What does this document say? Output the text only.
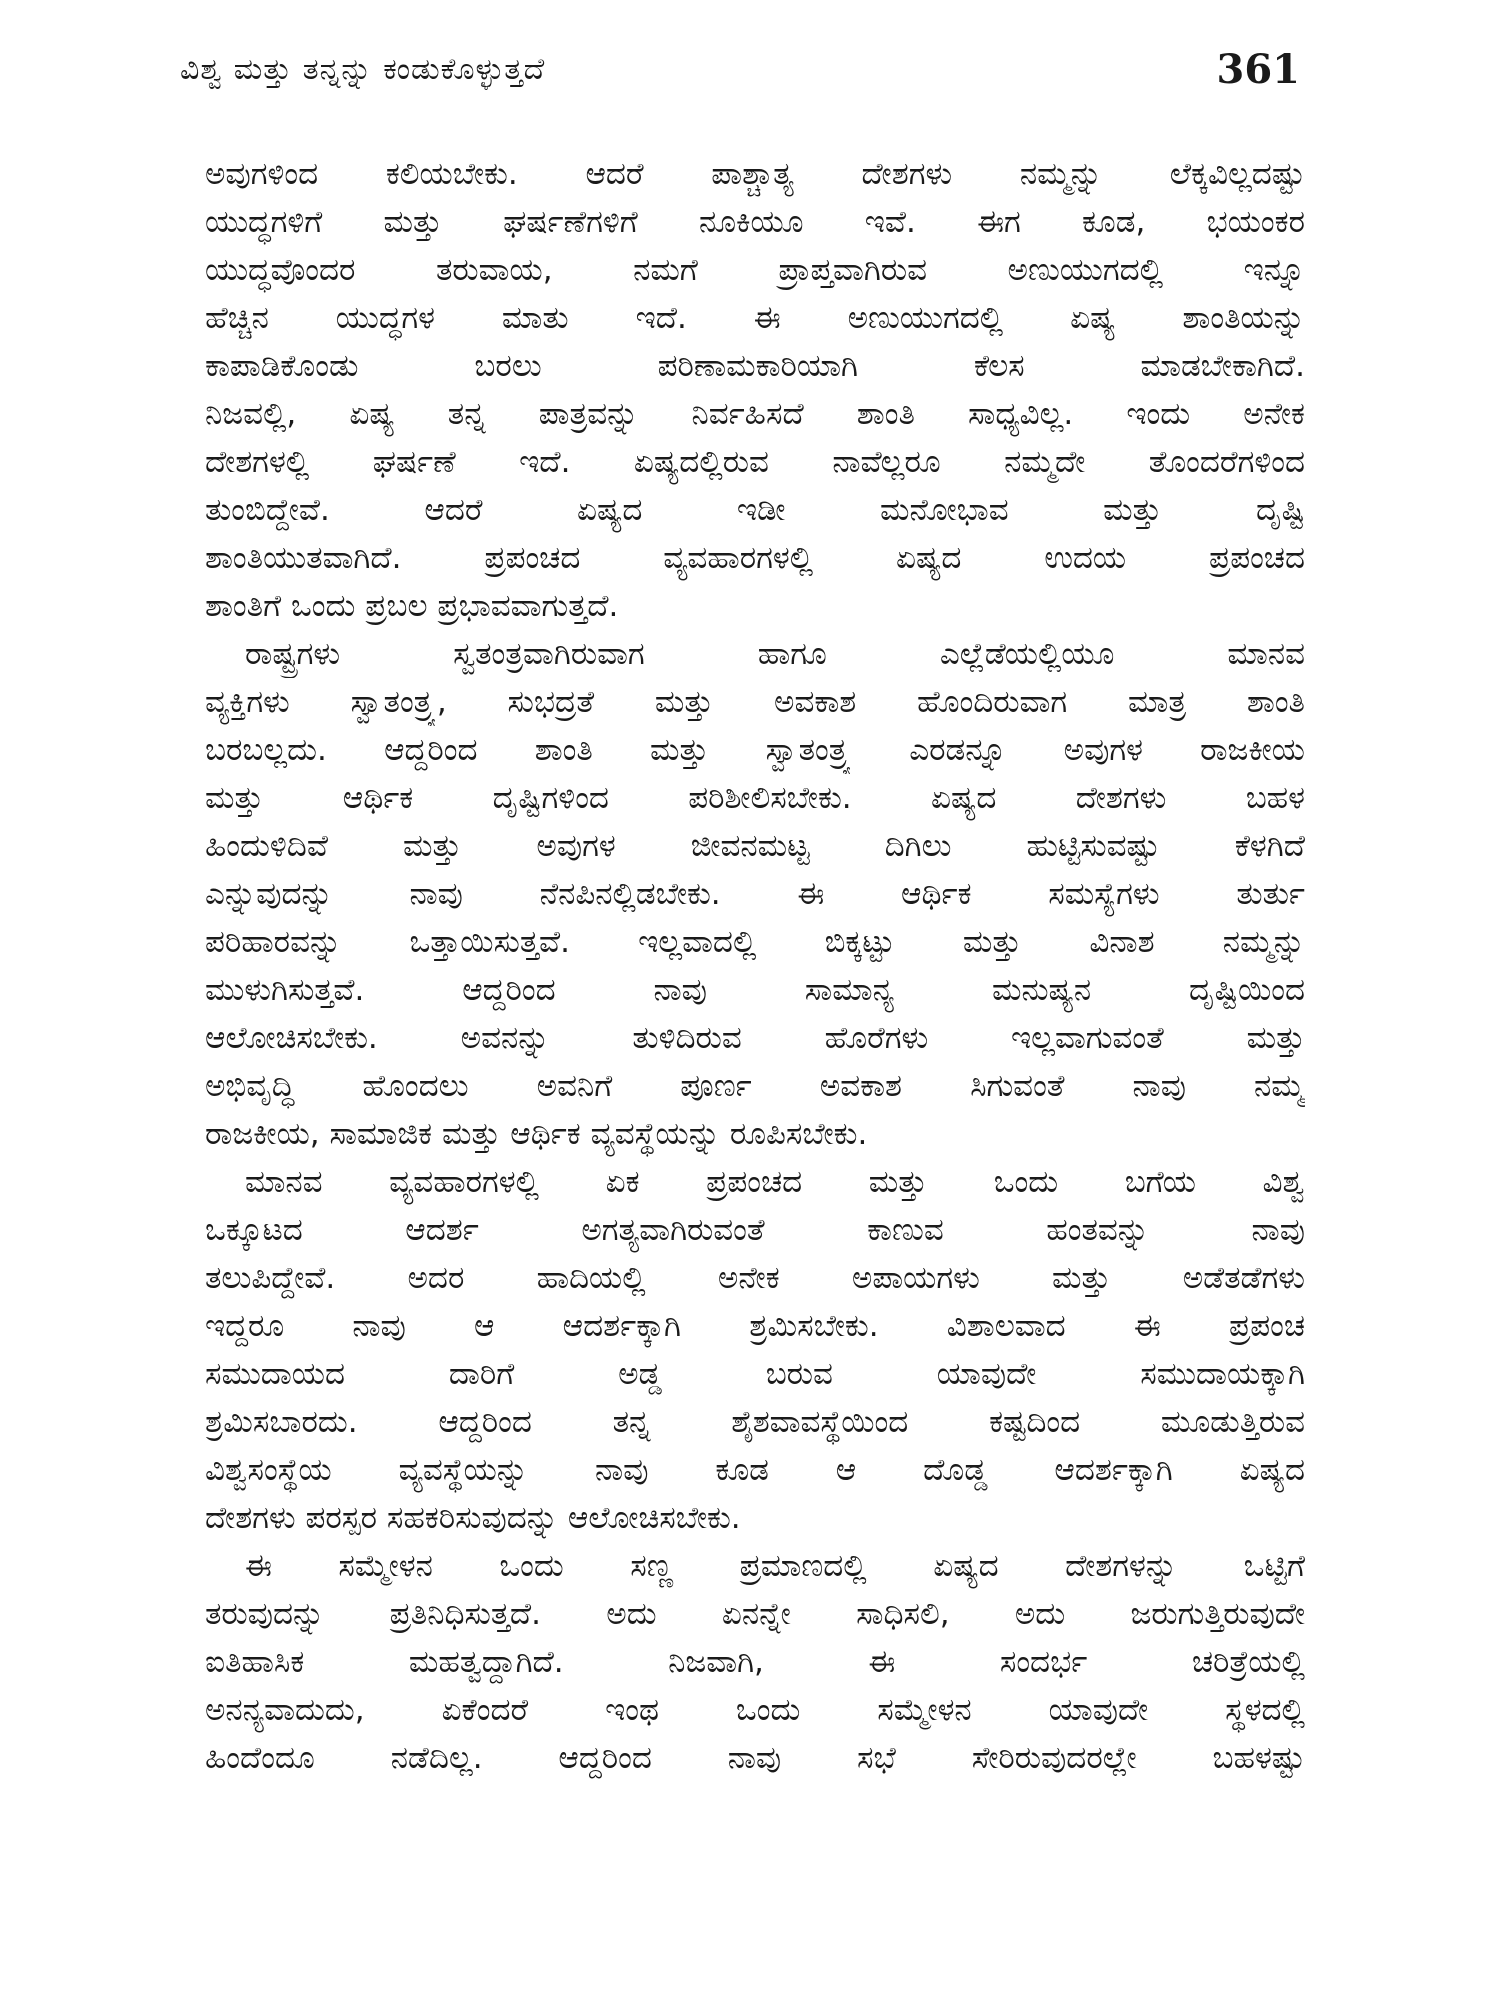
ವಿಶ್ವ ಮತ್ತು ತನ್ನನ್ನು ಕಂಡುಕೊಳ್ಳುತ್ತದೆ	361
ಅವುಗಳಿಂದ ಕಲಿಯಬೇಕು. ಆದರೆ ಪಾಶ್ಚಾತ್ಯ ದೇಶಗಳು ನಮ್ಮನ್ನು ಲೆಕ್ಕವಿಲ್ಲದಷ್ಟು
ಯುದ್ಧಗಳಿಗೆ ಮತ್ತು ಘರ್ಷಣೆಗಳಿಗೆ ನೂಕಿಯೂ ಇವೆ. ಈಗ ಕೂಡ, ಭಯಂಕರ
ಯುದ್ಧವೊಂದರ ತರುವಾಯ, ನಮಗೆ ಪ್ರಾಪ್ತವಾಗಿರುವ ಅಣುಯುಗದಲ್ಲಿ ಇನ್ನೂ
ಹೆಚ್ಚಿನ ಯುದ್ಧಗಳ ಮಾತು ಇದೆ. ಈ ಅಣುಯುಗದಲ್ಲಿ ಏಷ್ಯ ಶಾಂತಿಯನ್ನು
ಕಾಪಾಡಿಕೊಂಡು ಬರಲು ಪರಿಣಾಮಕಾರಿಯಾಗಿ ಕೆಲಸ ಮಾಡಬೇಕಾಗಿದೆ.
ನಿಜವಲ್ಲಿ, ಏಷ್ಯ ತನ್ನ ಪಾತ್ರವನ್ನು ನಿರ್ವಹಿಸದೆ ಶಾಂತಿ ಸಾಧ್ಯವಿಲ್ಲ. ಇಂದು ಅನೇಕ
ದೇಶಗಳಲ್ಲಿ ಘರ್ಷಣೆ ಇದೆ. ಏಷ್ಯದಲ್ಲಿರುವ ನಾವೆಲ್ಲರೂ ನಮ್ಮದೇ ತೊಂದರೆಗಳಿಂದ
ತುಂಬಿದ್ದೇವೆ. ಆದರೆ ಏಷ್ಯದ ಇಡೀ ಮನೋಭಾವ ಮತ್ತು ದೃಷ್ಟಿ
ಶಾಂತಿಯುತವಾಗಿದೆ. ಪ್ರಪಂಚದ ವ್ಯವಹಾರಗಳಲ್ಲಿ ಏಷ್ಯದ ಉದಯ ಪ್ರಪಂಚದ
ಶಾಂತಿಗೆ ಒಂದು ಪ್ರಬಲ ಪ್ರಭಾವವಾಗುತ್ತದೆ.
ರಾಷ್ಟ್ರಗಳು ಸ್ವತಂತ್ರವಾಗಿರುವಾಗ ಹಾಗೂ ಎಲ್ಲೆಡೆಯಲ್ಲಿಯೂ ಮಾನವ
ವ್ಯಕ್ತಿಗಳು ಸ್ವಾತಂತ್ರ್ಯ, ಸುಭದ್ರತೆ ಮತ್ತು ಅವಕಾಶ ಹೊಂದಿರುವಾಗ ಮಾತ್ರ ಶಾಂತಿ
ಬರಬಲ್ಲದು. ಆದ್ದರಿಂದ ಶಾಂತಿ ಮತ್ತು ಸ್ವಾತಂತ್ರ್ಯ ಎರಡನ್ನೂ ಅವುಗಳ ರಾಜಕೀಯ
ಮತ್ತು ಆರ್ಥಿಕ ದೃಷ್ಟಿಗಳಿಂದ ಪರಿಶೀಲಿಸಬೇಕು. ಏಷ್ಯದ ದೇಶಗಳು ಬಹಳ
ಹಿಂದುಳಿದಿವೆ ಮತ್ತು ಅವುಗಳ ಜೀವನಮಟ್ಟ ದಿಗಿಲು ಹುಟ್ಟಿಸುವಷ್ಟು ಕೆಳಗಿದೆ
ಎನ್ನುವುದನ್ನು ನಾವು ನೆನಪಿನಲ್ಲಿಡಬೇಕು. ಈ ಆರ್ಥಿಕ ಸಮಸ್ಯೆಗಳು ತುರ್ತು
ಪರಿಹಾರವನ್ನು ಒತ್ತಾಯಿಸುತ್ತವೆ. ಇಲ್ಲವಾದಲ್ಲಿ ಬಿಕ್ಕಟ್ಟು ಮತ್ತು ವಿನಾಶ ನಮ್ಮನ್ನು
ಮುಳುಗಿಸುತ್ತವೆ. ಆದ್ದರಿಂದ ನಾವು ಸಾಮಾನ್ಯ ಮನುಷ್ಯನ ದೃಷ್ಟಿಯಿಂದ
ಆಲೋಚಿಸಬೇಕು. ಅವನನ್ನು ತುಳಿದಿರುವ ಹೊರೆಗಳು ಇಲ್ಲವಾಗುವಂತೆ ಮತ್ತು
ಅಭಿವೃದ್ಧಿ ಹೊಂದಲು ಅವನಿಗೆ ಪೂರ್ಣ ಅವಕಾಶ ಸಿಗುವಂತೆ ನಾವು ನಮ್ಮ
ರಾಜಕೀಯ, ಸಾಮಾಜಿಕ ಮತ್ತು ಆರ್ಥಿಕ ವ್ಯವಸ್ಥೆಯನ್ನು ರೂಪಿಸಬೇಕು.
ಮಾನವ ವ್ಯವಹಾರಗಳಲ್ಲಿ ಏಕ ಪ್ರಪಂಚದ ಮತ್ತು ಒಂದು ಬಗೆಯ ವಿಶ್ವ
ಒಕ್ಕೂಟದ ಆದರ್ಶ ಅಗತ್ಯವಾಗಿರುವಂತೆ ಕಾಣುವ ಹಂತವನ್ನು ನಾವು
ತಲುಪಿದ್ದೇವೆ. ಅದರ ಹಾದಿಯಲ್ಲಿ ಅನೇಕ ಅಪಾಯಗಳು ಮತ್ತು ಅಡೆತಡೆಗಳು
ಇದ್ದರೂ ನಾವು ಆ ಆದರ್ಶಕ್ಕಾಗಿ ಶ್ರಮಿಸಬೇಕು. ವಿಶಾಲವಾದ ಈ ಪ್ರಪಂಚ
ಸಮುದಾಯದ ದಾರಿಗೆ ಅಡ್ಡ ಬರುವ ಯಾವುದೇ ಸಮುದಾಯಕ್ಕಾಗಿ
ಶ್ರಮಿಸಬಾರದು. ಆದ್ದರಿಂದ ತನ್ನ ಶೈಶವಾವಸ್ಥೆಯಿಂದ ಕಷ್ಟದಿಂದ ಮೂಡುತ್ತಿರುವ
ವಿಶ್ವಸಂಸ್ಥೆಯ ವ್ಯವಸ್ಥೆಯನ್ನು ನಾವು ಕೂಡ ಆ ದೊಡ್ಡ ಆದರ್ಶಕ್ಕಾಗಿ ಏಷ್ಯದ
ದೇಶಗಳು ಪರಸ್ಪರ ಸಹಕರಿಸುವುದನ್ನು ಆಲೋಚಿಸಬೇಕು.
ಈ ಸಮ್ಮೇಳನ ಒಂದು ಸಣ್ಣ ಪ್ರಮಾಣದಲ್ಲಿ ಏಷ್ಯದ ದೇಶಗಳನ್ನು ಒಟ್ಟಿಗೆ
ತರುವುದನ್ನು ಪ್ರತಿನಿಧಿಸುತ್ತದೆ. ಅದು ಏನನ್ನೇ ಸಾಧಿಸಲಿ, ಅದು ಜರುಗುತ್ತಿರುವುದೇ
ಐತಿಹಾಸಿಕ ಮಹತ್ವದ್ದಾಗಿದೆ. ನಿಜವಾಗಿ, ಈ ಸಂದರ್ಭ ಚರಿತ್ರೆಯಲ್ಲಿ
ಅನನ್ಯವಾದುದು, ಏಕೆಂದರೆ ಇಂಥ ಒಂದು ಸಮ್ಮೇಳನ ಯಾವುದೇ ಸ್ಥಳದಲ್ಲಿ
ಹಿಂದೆಂದೂ ನಡೆದಿಲ್ಲ. ಆದ್ದರಿಂದ ನಾವು ಸಭೆ ಸೇರಿರುವುದರಲ್ಲೇ ಬಹಳಷ್ಟು
